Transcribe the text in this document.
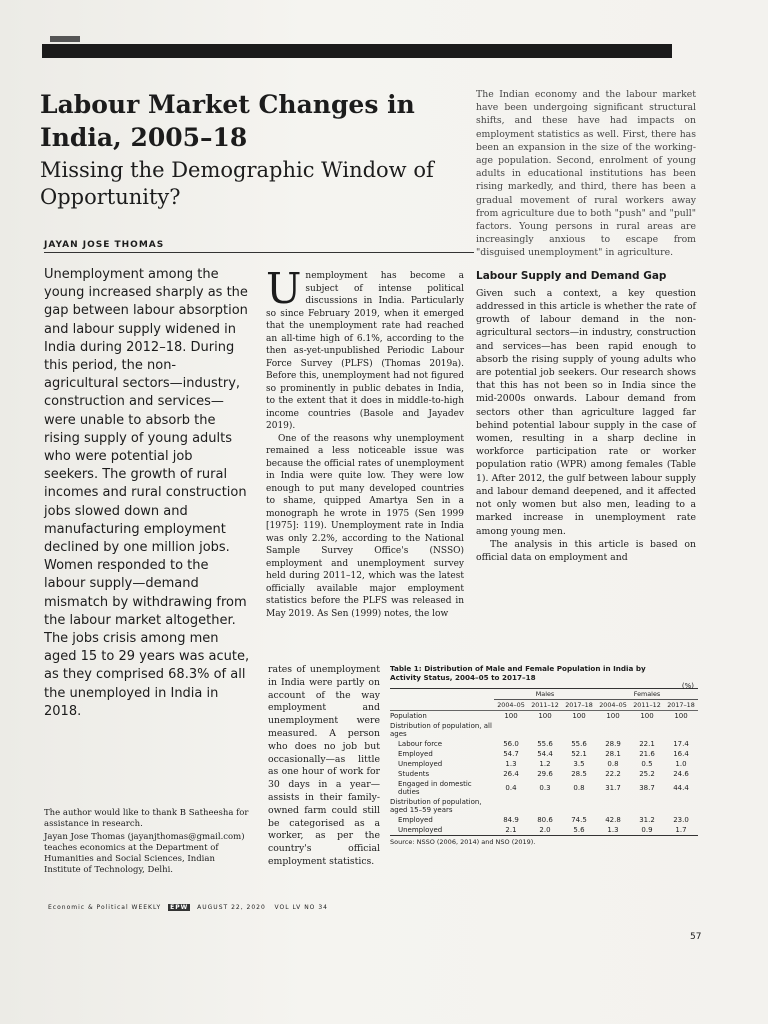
Labour Market Changes in India, 2005–18
Missing the Demographic Window of Opportunity?
JAYAN JOSE THOMAS

Unemployment among the young increased sharply as the gap between labour absorption and labour supply widened in India during 2012–18. During this period, the non-agricultural sectors—industry, construction and services—were unable to absorb the rising supply of young adults who were potential job seekers. The growth of rural incomes and rural construction jobs slowed down and manufacturing employment declined by one million jobs. Women responded to the labour supply—demand mismatch by withdrawing from the labour market altogether. The jobs crisis among men aged 15 to 29 years was acute, as they comprised 68.3% of all the unemployed in India in 2018.

The author would like to thank B Satheesha for assistance in research.

Jayan Jose Thomas (jayanjthomas@gmail.com) teaches economics at the Department of Humanities and Social Sciences, Indian Institute of Technology, Delhi.

Economic & Political WEEKLY EPW AUGUST 22, 2020 VOL LV NO 34

Unemployment has become a subject of intense political discussions in India. Particularly so since February 2019, when it emerged that the unemployment rate had reached an all-time high of 6.1%, according to the then as-yet-unpublished Periodic Labour Force Survey (PLFS) (Thomas 2019a). Before this, unemployment had not figured so prominently in public debates in India, to the extent that it does in middle-to-high income countries (Basole and Jayadev 2019).

One of the reasons why unemployment remained a less noticeable issue was because the official rates of unemployment in India were quite low. They were low enough to put many developed countries to shame, quipped Amartya Sen in a monograph he wrote in 1975 (Sen 1999 [1975]: 119). Unemployment rate in India was only 2.2%, according to the National Sample Survey Office's (NSSO) employment and unemployment survey held during 2011–12, which was the latest officially available major employment statistics before the PLFS was released in May 2019. As Sen (1999) notes, the low

rates of unemployment in India were partly on account of the way employment and unemployment were measured. A person who does no job but occasionally—as little as one hour of work for 30 days in a year—assists in their family-owned farm could still be categorised as a worker, as per the country's official employment statistics.

The Indian economy and the labour market have been undergoing significant structural shifts, and these have had impacts on employment statistics as well. First, there has been an expansion in the size of the working-age population. Second, enrolment of young adults in educational institutions has been rising markedly, and third, there has been a gradual movement of rural workers away from agriculture due to both "push" and "pull" factors. Young persons in rural areas are increasingly anxious to escape from "disguised unemployment" in agriculture.

Labour Supply and Demand Gap

Given such a context, a key question addressed in this article is whether the rate of growth of labour demand in the non-agricultural sectors—in industry, construction and services—has been rapid enough to absorb the rising supply of young adults who are potential job seekers. Our research shows that this has not been so in India since the mid-2000s onwards. Labour demand from sectors other than agriculture lagged far behind potential labour supply in the case of women, resulting in a sharp decline in workforce participation rate or worker population ratio (WPR) among females (Table 1). After 2012, the gulf between labour supply and labour demand deepened, and it affected not only women but also men, leading to a marked increase in unemployment rate among young men.

The analysis in this article is based on official data on employment and

Table 1: Distribution of Male and Female Population in India by Activity Status, 2004–05 to 2017–18
(%)
	Males			Females		
	2004–05	2011–12	2017–18	2004–05	2011–12	2017–18
Population	100	100	100	100	100	100
Distribution of population, all ages						
Labour force	56.0	55.6	55.6	28.9	22.1	17.4
Employed	54.7	54.4	52.1	28.1	21.6	16.4
Unemployed	1.3	1.2	3.5	0.8	0.5	1.0
Students	26.4	29.6	28.5	22.2	25.2	24.6
Engaged in domestic duties	0.4	0.3	0.8	31.7	38.7	44.4
Distribution of population, aged 15–59 years						
Employed	84.9	80.6	74.5	42.8	31.2	23.0
Unemployed	2.1	2.0	5.6	1.3	0.9	1.7
Source: NSSO (2006, 2014) and NSO (2019).
57
